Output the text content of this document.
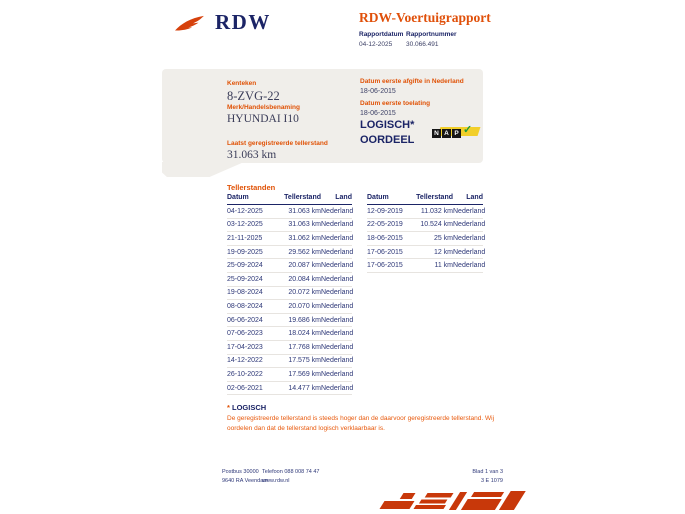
RDW	RDW-Voertuigrapport
Rapportdatum
04-12-2025
Rapportnummer
30.066.491
Kenteken
8-ZVG-22
Merk/Handelsbenaming
HYUNDAI I10
Laatst geregistreerde tellerstand
31.063 km
Datum eerste afgifte in Nederland
18-06-2015
Datum eerste toelating
18-06-2015
LOGISCH*
OORDEEL
N A P ✓
Tellerstanden
Datum	Tellerstand	Land
04-12-2025	31.063 km	Nederland
03-12-2025	31.063 km	Nederland
21-11-2025	31.062 km	Nederland
19-09-2025	29.562 km	Nederland
25-09-2024	20.087 km	Nederland
25-09-2024	20.084 km	Nederland
19-08-2024	20.072 km	Nederland
08-08-2024	20.070 km	Nederland
06-06-2024	19.686 km	Nederland
07-06-2023	18.024 km	Nederland
17-04-2023	17.768 km	Nederland
14-12-2022	17.575 km	Nederland
26-10-2022	17.569 km	Nederland
02-06-2021	14.477 km	Nederland
Datum	Tellerstand	Land
12-09-2019	11.032 km	Nederland
22-05-2019	10.524 km	Nederland
18-06-2015	25 km	Nederland
17-06-2015	12 km	Nederland
17-06-2015	11 km	Nederland
* LOGISCH
De geregistreerde tellerstand is steeds hoger dan de daarvoor geregistreerde tellerstand. Wij oordelen dan dat de tellerstand logisch verklaarbaar is.
Postbus 30000
9640 RA Veendam
Telefoon 088 008 74 47
www.rdw.nl
Blad 1 van 3
3 E 1079
